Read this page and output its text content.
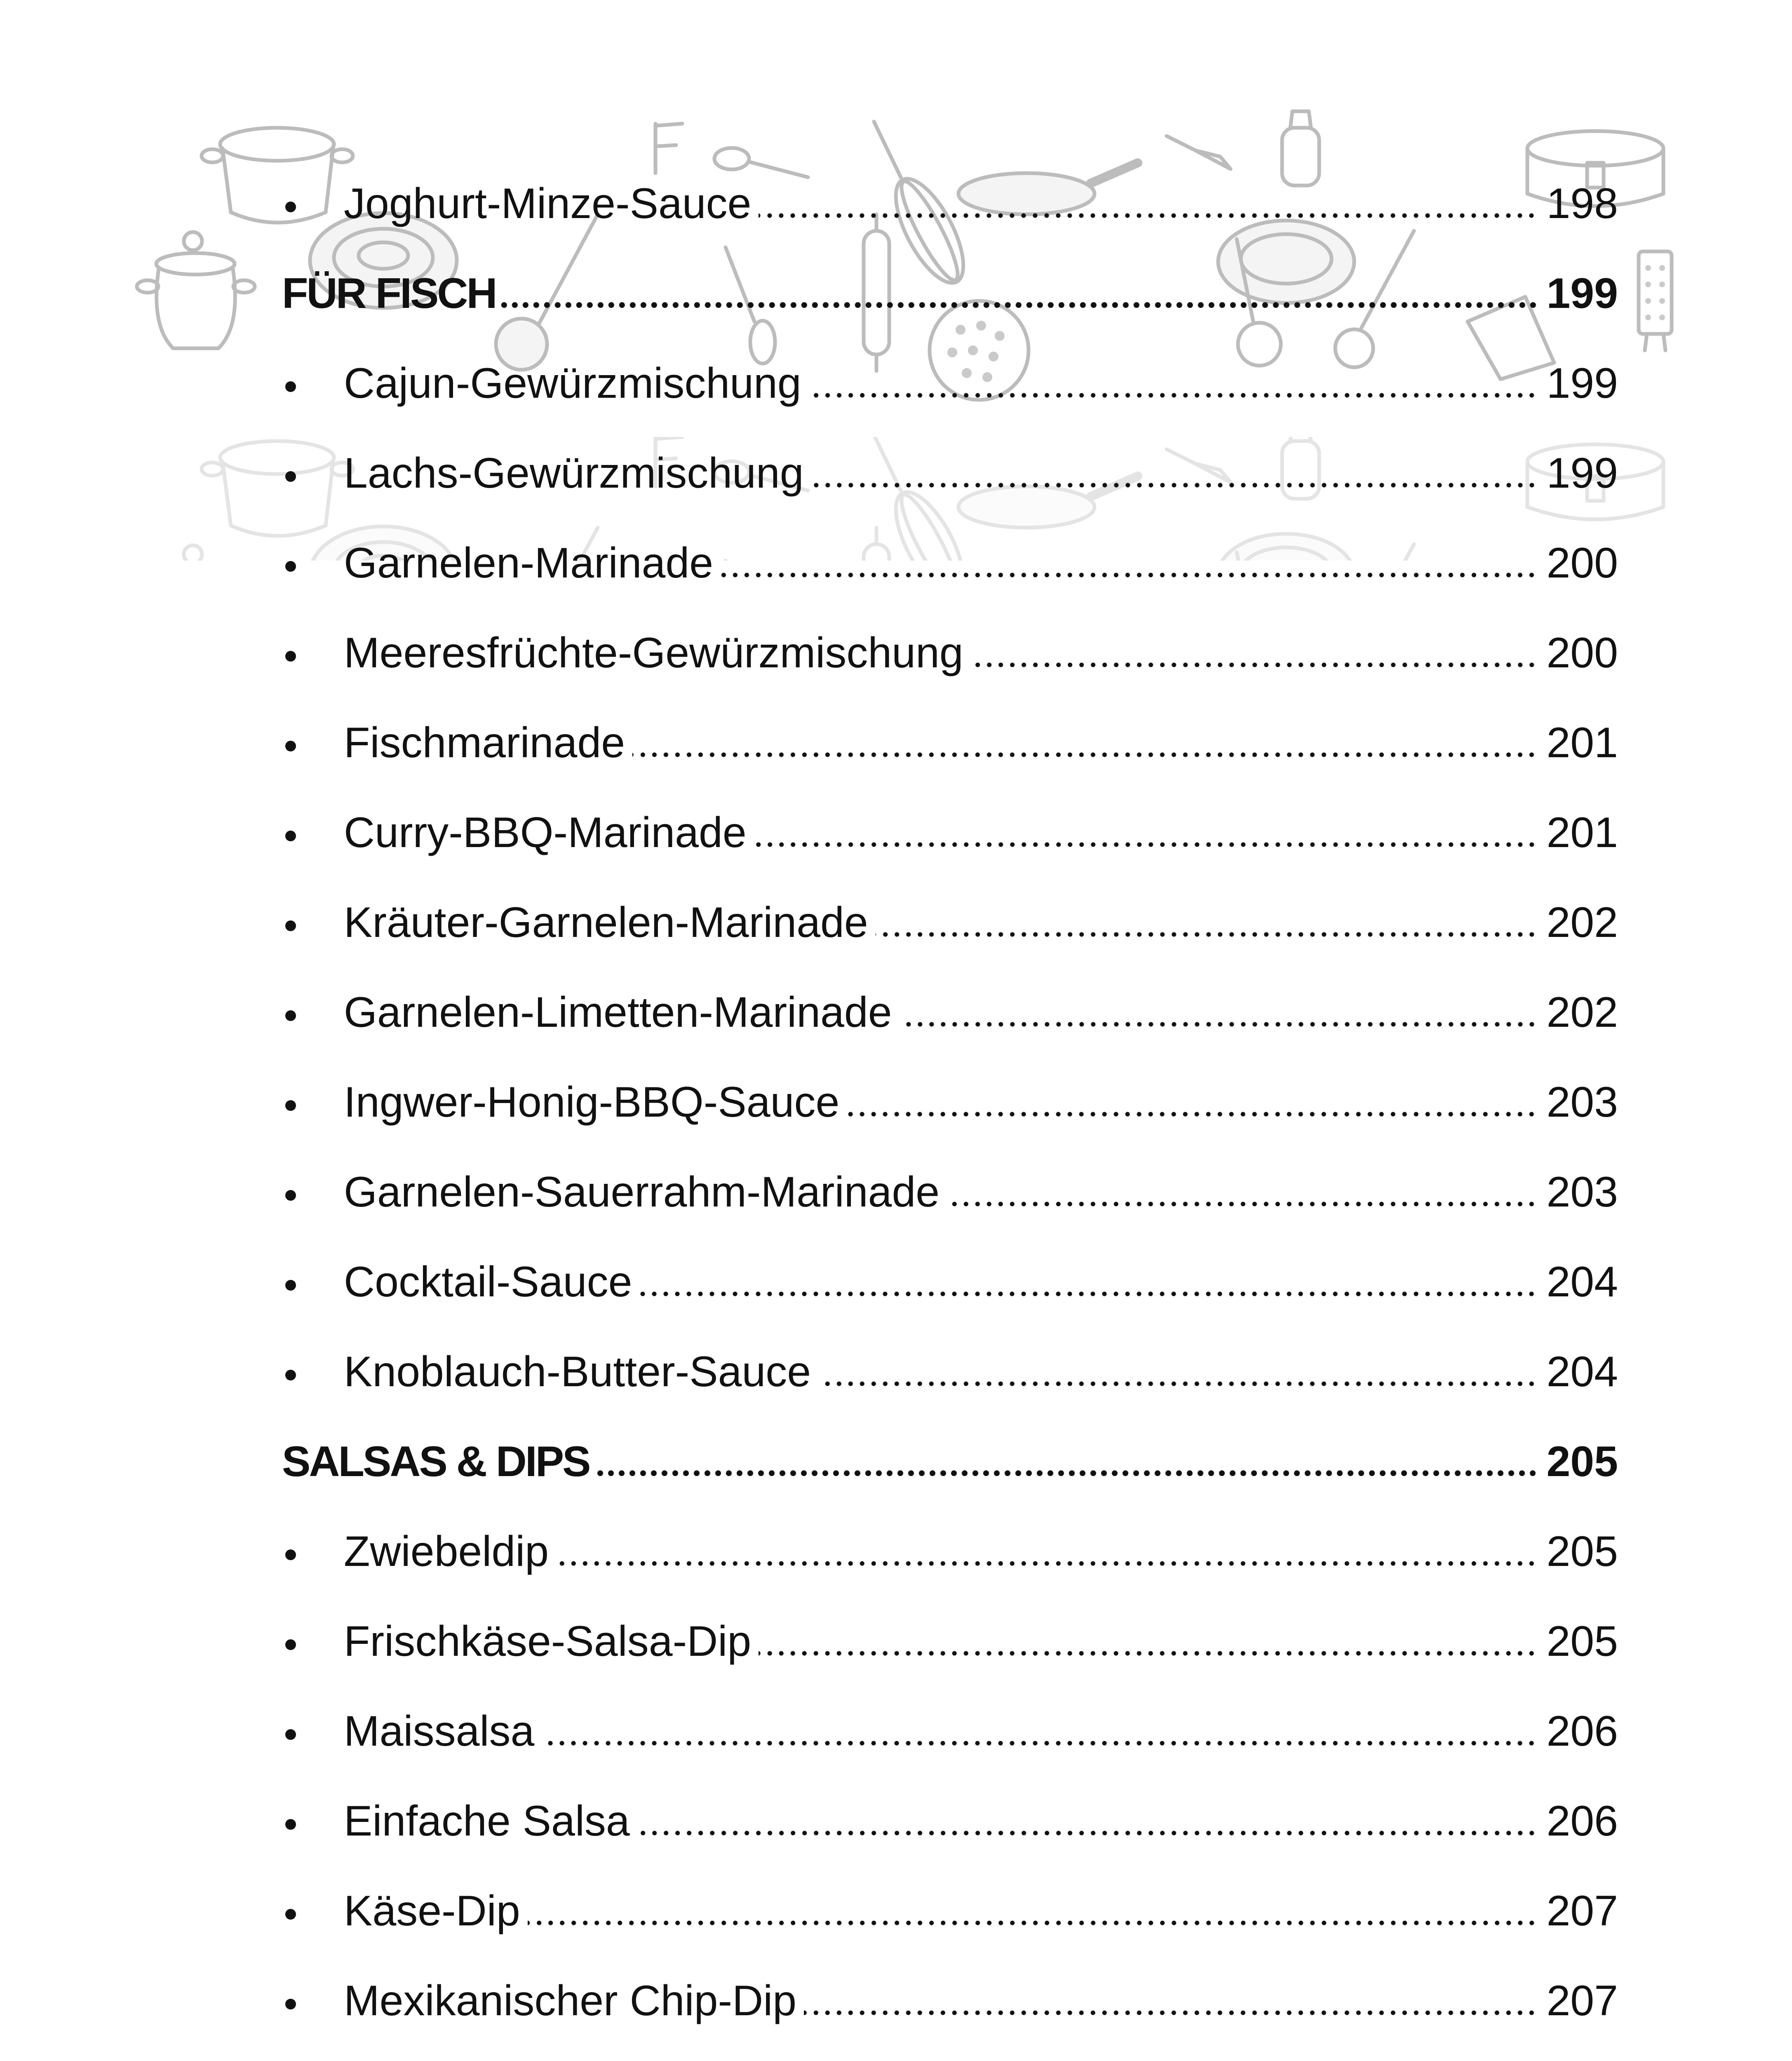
Joghurt-Minze-Sauce	198
FÜR FISCH	199
Cajun-Gewürzmischung	199
Lachs-Gewürzmischung	199
Garnelen-Marinade	200
Meeresfrüchte-Gewürzmischung	200
Fischmarinade	201
Curry-BBQ-Marinade	201
Kräuter-Garnelen-Marinade	202
Garnelen-Limetten-Marinade	202
Ingwer-Honig-BBQ-Sauce	203
Garnelen-Sauerrahm-Marinade	203
Cocktail-Sauce	204
Knoblauch-Butter-Sauce	204
SALSAS & DIPS	205
Zwiebeldip	205
Frischkäse-Salsa-Dip	205
Maissalsa	206
Einfache Salsa	206
Käse-Dip	207
Mexikanischer Chip-Dip	207
